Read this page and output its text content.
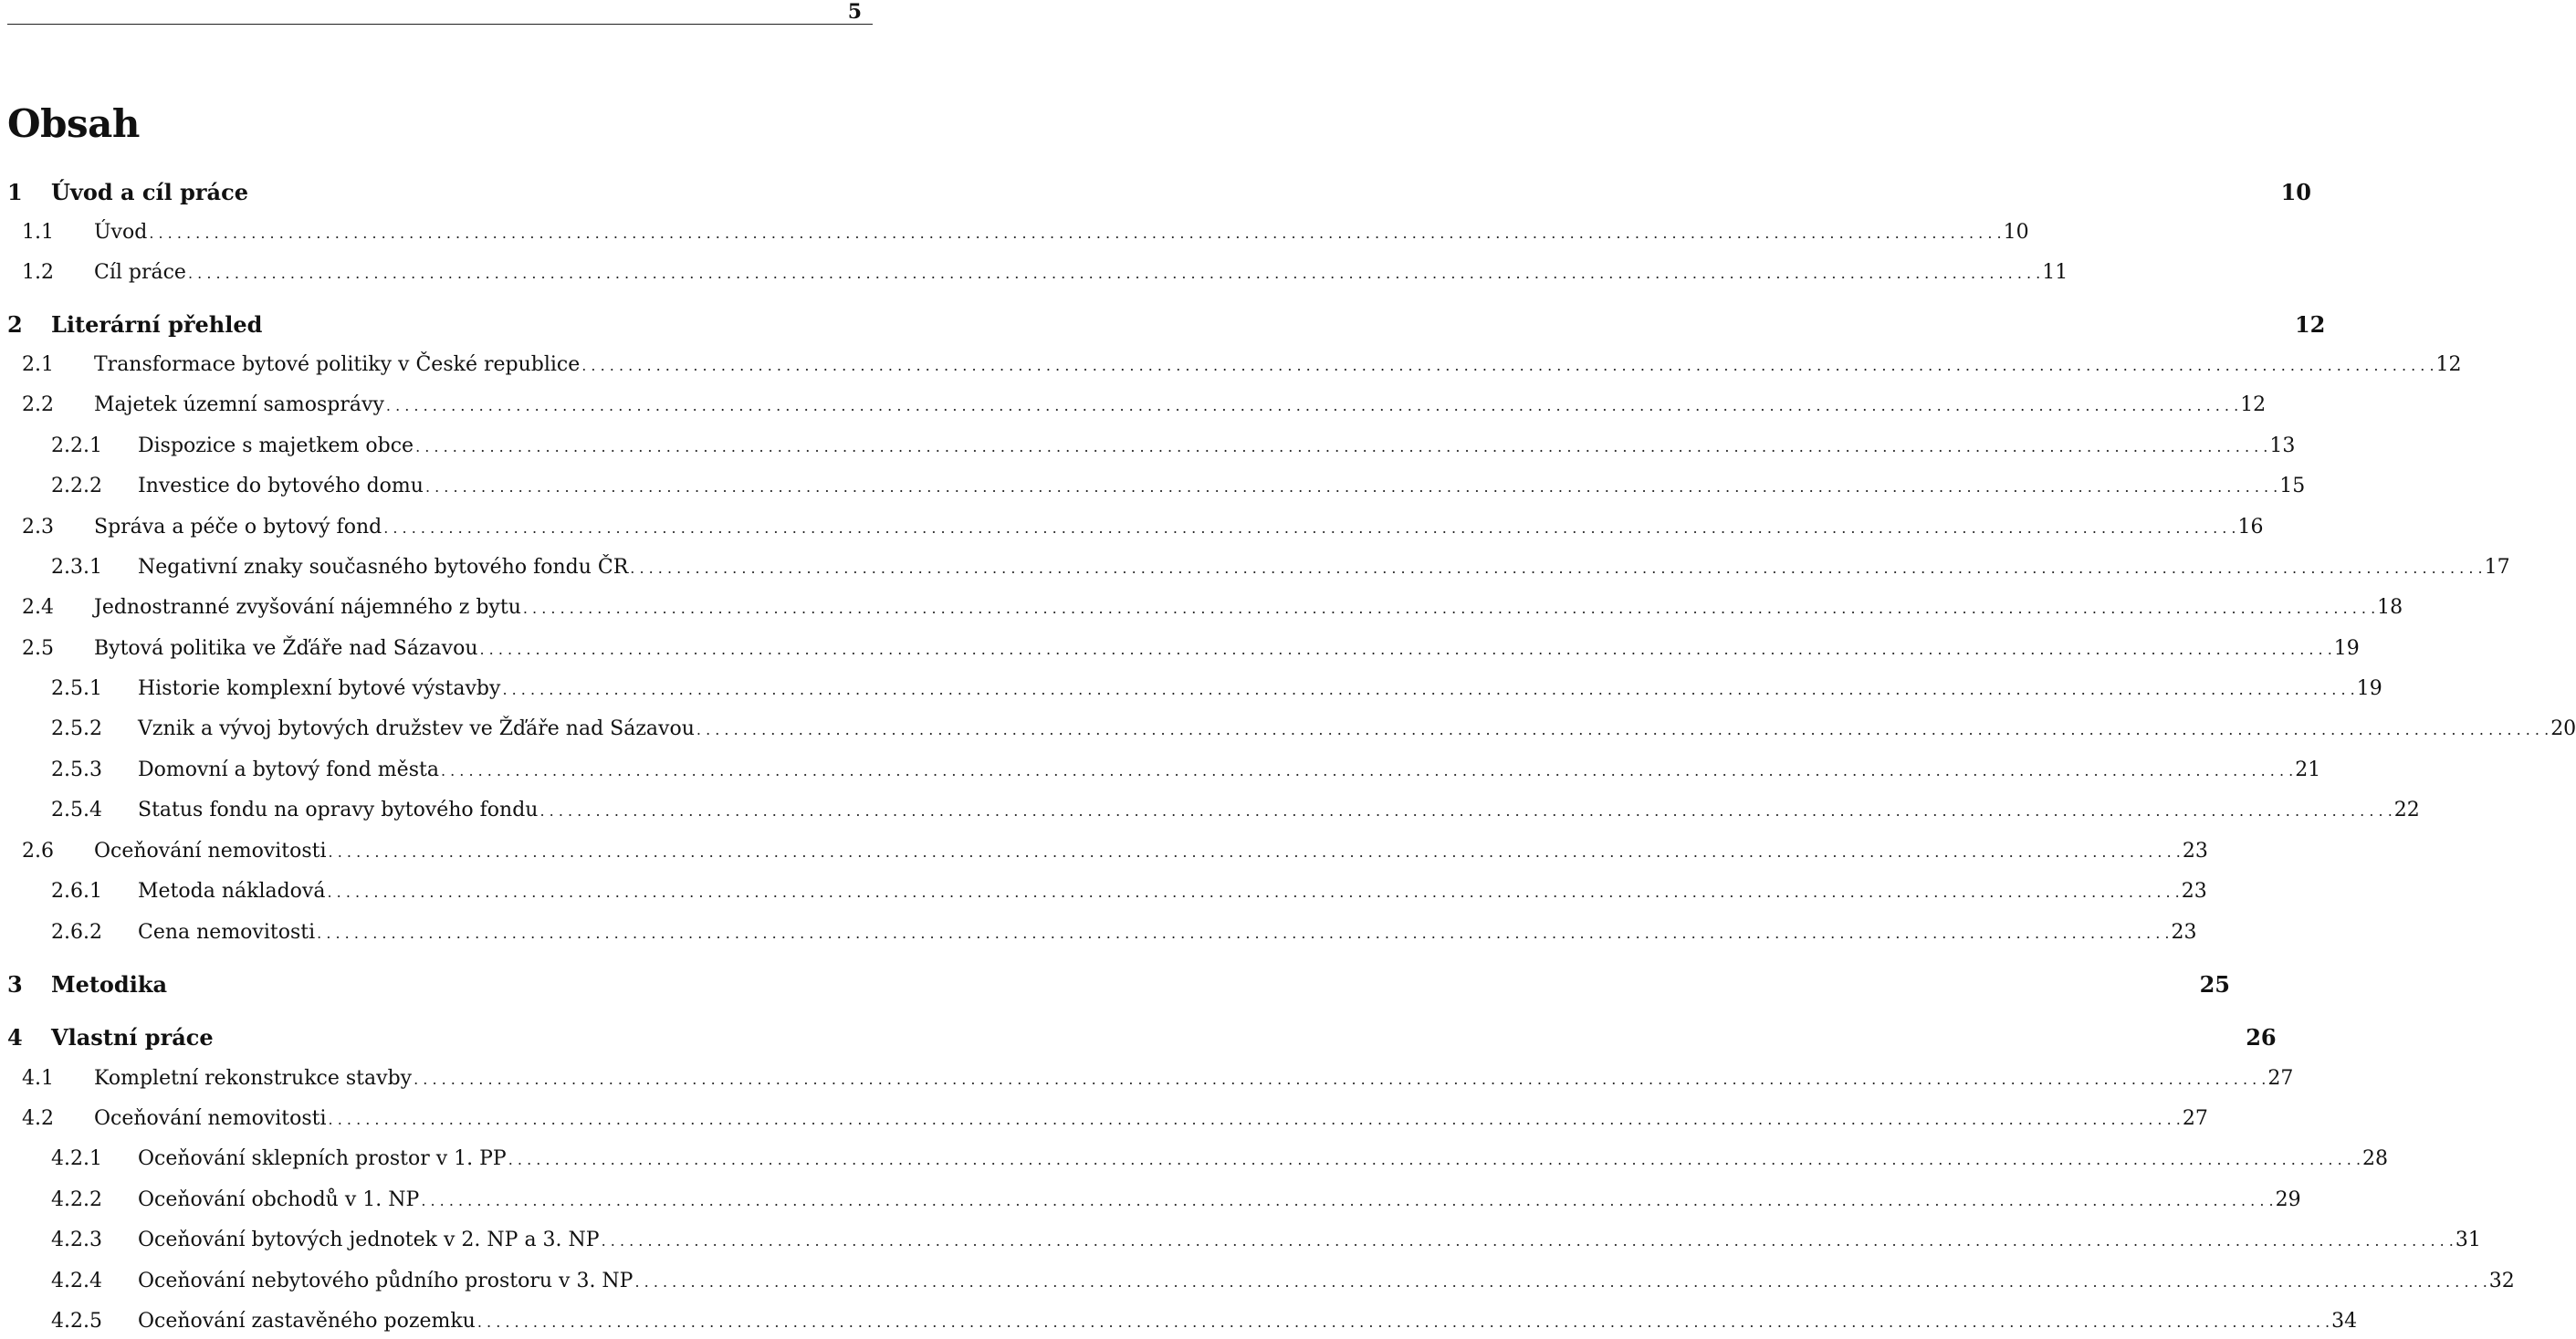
5
Obsah
1 Úvod a cíl práce	10
1.1 Úvod . . . . . . . . . . . . . . . . . . . . . . . . . . . . . . . . . . . . . . . . . . . . . . . . . . . . . . . . . . . . . . . . . . . . . . . . . . . . . . . . . . . . . . . . . . . . . . . . . . . . . . . . . . . . . . . . . . . . . . . . . . . . . . . . . . . . . . . . . . . . . . . . . . . . . . . . . . . . . . . . . . . . . . . . . . . . . . . . . . . . . . . . . . . . . . . . . . . . . . . . 10
1.2 Cíl práce . . . . . . . . . . . . . . . . . . . . . . . . . . . . . . . . . . . . . . . . . . . . . . . . . . . . . . . . . . . . . . . . . . . . . . . . . . . . . . . . . . . . . . . . . . . . . . . . . . . . . . . . . . . . . . . . . . . . . . . . . . . . . . . . . . . . . . . . . . . . . . . . . . . . . . . . . . . . . . . . . . . . . . . . . . . . . . . . . . . . . . . . . . . . . . . . . . . . . . . . 11
2 Literární přehled	12
2.1 Transformace bytové politiky v České republice . . . . . . . . . . . . . . . . . . . . . . . . . . . . . . . . . . . . . . . . . . . . . . . . . . . . . . . . . . . . . . . . . . . . . . . . . . . . . . . . . . . . . . . . . . . . . . . . . . . . . . . . . . . . . . . . . . . . . . . . . . . . . . . . . . . . . . . . . . . . . . . . . . . . . . . . . . . . . . . . . . . . . . . . . . . . . . . . . . . . . . . . . . . . . . . . . . . . . . . . 12
2.2 Majetek územní samosprávy . . . . . . . . . . . . . . . . . . . . . . . . . . . . . . . . . . . . . . . . . . . . . . . . . . . . . . . . . . . . . . . . . . . . . . . . . . . . . . . . . . . . . . . . . . . . . . . . . . . . . . . . . . . . . . . . . . . . . . . . . . . . . . . . . . . . . . . . . . . . . . . . . . . . . . . . . . . . . . . . . . . . . . . . . . . . . . . . . . . . . . . . . . . . . . . . . . . . . . . . 12
2.2.1 Dispozice s majetkem obce . . . . . . . . . . . . . . . . . . . . . . . . . . . . . . . . . . . . . . . . . . . . . . . . . . . . . . . . . . . . . . . . . . . . . . . . . . . . . . . . . . . . . . . . . . . . . . . . . . . . . . . . . . . . . . . . . . . . . . . . . . . . . . . . . . . . . . . . . . . . . . . . . . . . . . . . . . . . . . . . . . . . . . . . . . . . . . . . . . . . . . . . . . . . . . . . . . . . . . . . 13
2.2.2 Investice do bytového domu . . . . . . . . . . . . . . . . . . . . . . . . . . . . . . . . . . . . . . . . . . . . . . . . . . . . . . . . . . . . . . . . . . . . . . . . . . . . . . . . . . . . . . . . . . . . . . . . . . . . . . . . . . . . . . . . . . . . . . . . . . . . . . . . . . . . . . . . . . . . . . . . . . . . . . . . . . . . . . . . . . . . . . . . . . . . . . . . . . . . . . . . . . . . . . . . . . . . . . . . 15
2.3 Správa a péče o bytový fond . . . . . . . . . . . . . . . . . . . . . . . . . . . . . . . . . . . . . . . . . . . . . . . . . . . . . . . . . . . . . . . . . . . . . . . . . . . . . . . . . . . . . . . . . . . . . . . . . . . . . . . . . . . . . . . . . . . . . . . . . . . . . . . . . . . . . . . . . . . . . . . . . . . . . . . . . . . . . . . . . . . . . . . . . . . . . . . . . . . . . . . . . . . . . . . . . . . . . . . . 16
2.3.1 Negativní znaky současného bytového fondu ČR . . . . . . . . . . . . . . . . . . . . . . . . . . . . . . . . . . . . . . . . . . . . . . . . . . . . . . . . . . . . . . . . . . . . . . . . . . . . . . . . . . . . . . . . . . . . . . . . . . . . . . . . . . . . . . . . . . . . . . . . . . . . . . . . . . . . . . . . . . . . . . . . . . . . . . . . . . . . . . . . . . . . . . . . . . . . . . . . . . . . . . . . . . . . . . . . . . . . . . . . 17
2.4 Jednostranné zvyšování nájemného z bytu . . . . . . . . . . . . . . . . . . . . . . . . . . . . . . . . . . . . . . . . . . . . . . . . . . . . . . . . . . . . . . . . . . . . . . . . . . . . . . . . . . . . . . . . . . . . . . . . . . . . . . . . . . . . . . . . . . . . . . . . . . . . . . . . . . . . . . . . . . . . . . . . . . . . . . . . . . . . . . . . . . . . . . . . . . . . . . . . . . . . . . . . . . . . . . . . . . . . . . . . 18
2.5 Bytová politika ve Žďáře nad Sázavou . . . . . . . . . . . . . . . . . . . . . . . . . . . . . . . . . . . . . . . . . . . . . . . . . . . . . . . . . . . . . . . . . . . . . . . . . . . . . . . . . . . . . . . . . . . . . . . . . . . . . . . . . . . . . . . . . . . . . . . . . . . . . . . . . . . . . . . . . . . . . . . . . . . . . . . . . . . . . . . . . . . . . . . . . . . . . . . . . . . . . . . . . . . . . . . . . . . . . . . . 19
2.5.1 Historie komplexní bytové výstavby . . . . . . . . . . . . . . . . . . . . . . . . . . . . . . . . . . . . . . . . . . . . . . . . . . . . . . . . . . . . . . . . . . . . . . . . . . . . . . . . . . . . . . . . . . . . . . . . . . . . . . . . . . . . . . . . . . . . . . . . . . . . . . . . . . . . . . . . . . . . . . . . . . . . . . . . . . . . . . . . . . . . . . . . . . . . . . . . . . . . . . . . . . . . . . . . . . . . . . . . 19
2.5.2 Vznik a vývoj bytových družstev ve Žďáře nad Sázavou . . . . . . . . . . . . . . . . . . . . . . . . . . . . . . . . . . . . . . . . . . . . . . . . . . . . . . . . . . . . . . . . . . . . . . . . . . . . . . . . . . . . . . . . . . . . . . . . . . . . . . . . . . . . . . . . . . . . . . . . . . . . . . . . . . . . . . . . . . . . . . . . . . . . . . . . . . . . . . . . . . . . . . . . . . . . . . . . . . . . . . . . . . . . . . . . . . . . . . . . 20
2.5.3 Domovní a bytový fond města . . . . . . . . . . . . . . . . . . . . . . . . . . . . . . . . . . . . . . . . . . . . . . . . . . . . . . . . . . . . . . . . . . . . . . . . . . . . . . . . . . . . . . . . . . . . . . . . . . . . . . . . . . . . . . . . . . . . . . . . . . . . . . . . . . . . . . . . . . . . . . . . . . . . . . . . . . . . . . . . . . . . . . . . . . . . . . . . . . . . . . . . . . . . . . . . . . . . . . . . 21
2.5.4 Status fondu na opravy bytového fondu . . . . . . . . . . . . . . . . . . . . . . . . . . . . . . . . . . . . . . . . . . . . . . . . . . . . . . . . . . . . . . . . . . . . . . . . . . . . . . . . . . . . . . . . . . . . . . . . . . . . . . . . . . . . . . . . . . . . . . . . . . . . . . . . . . . . . . . . . . . . . . . . . . . . . . . . . . . . . . . . . . . . . . . . . . . . . . . . . . . . . . . . . . . . . . . . . . . . . . . . 22
2.6 Oceňování nemovitosti . . . . . . . . . . . . . . . . . . . . . . . . . . . . . . . . . . . . . . . . . . . . . . . . . . . . . . . . . . . . . . . . . . . . . . . . . . . . . . . . . . . . . . . . . . . . . . . . . . . . . . . . . . . . . . . . . . . . . . . . . . . . . . . . . . . . . . . . . . . . . . . . . . . . . . . . . . . . . . . . . . . . . . . . . . . . . . . . . . . . . . . . . . . . . . . . . . . . . . . . 23
2.6.1 Metoda nákladová . . . . . . . . . . . . . . . . . . . . . . . . . . . . . . . . . . . . . . . . . . . . . . . . . . . . . . . . . . . . . . . . . . . . . . . . . . . . . . . . . . . . . . . . . . . . . . . . . . . . . . . . . . . . . . . . . . . . . . . . . . . . . . . . . . . . . . . . . . . . . . . . . . . . . . . . . . . . . . . . . . . . . . . . . . . . . . . . . . . . . . . . . . . . . . . . . . . . . . . . 23
2.6.2 Cena nemovitosti . . . . . . . . . . . . . . . . . . . . . . . . . . . . . . . . . . . . . . . . . . . . . . . . . . . . . . . . . . . . . . . . . . . . . . . . . . . . . . . . . . . . . . . . . . . . . . . . . . . . . . . . . . . . . . . . . . . . . . . . . . . . . . . . . . . . . . . . . . . . . . . . . . . . . . . . . . . . . . . . . . . . . . . . . . . . . . . . . . . . . . . . . . . . . . . . . . . . . . . . 23
3 Metodika	25
4 Vlastní práce	26
4.1 Kompletní rekonstrukce stavby . . . . . . . . . . . . . . . . . . . . . . . . . . . . . . . . . . . . . . . . . . . . . . . . . . . . . . . . . . . . . . . . . . . . . . . . . . . . . . . . . . . . . . . . . . . . . . . . . . . . . . . . . . . . . . . . . . . . . . . . . . . . . . . . . . . . . . . . . . . . . . . . . . . . . . . . . . . . . . . . . . . . . . . . . . . . . . . . . . . . . . . . . . . . . . . . . . . . . . . . 27
4.2 Oceňování nemovitosti . . . . . . . . . . . . . . . . . . . . . . . . . . . . . . . . . . . . . . . . . . . . . . . . . . . . . . . . . . . . . . . . . . . . . . . . . . . . . . . . . . . . . . . . . . . . . . . . . . . . . . . . . . . . . . . . . . . . . . . . . . . . . . . . . . . . . . . . . . . . . . . . . . . . . . . . . . . . . . . . . . . . . . . . . . . . . . . . . . . . . . . . . . . . . . . . . . . . . . . . 27
4.2.1 Oceňování sklepních prostor v 1. PP . . . . . . . . . . . . . . . . . . . . . . . . . . . . . . . . . . . . . . . . . . . . . . . . . . . . . . . . . . . . . . . . . . . . . . . . . . . . . . . . . . . . . . . . . . . . . . . . . . . . . . . . . . . . . . . . . . . . . . . . . . . . . . . . . . . . . . . . . . . . . . . . . . . . . . . . . . . . . . . . . . . . . . . . . . . . . . . . . . . . . . . . . . . . . . . . . . . . . . . . 28
4.2.2 Oceňování obchodů v 1. NP . . . . . . . . . . . . . . . . . . . . . . . . . . . . . . . . . . . . . . . . . . . . . . . . . . . . . . . . . . . . . . . . . . . . . . . . . . . . . . . . . . . . . . . . . . . . . . . . . . . . . . . . . . . . . . . . . . . . . . . . . . . . . . . . . . . . . . . . . . . . . . . . . . . . . . . . . . . . . . . . . . . . . . . . . . . . . . . . . . . . . . . . . . . . . . . . . . . . . . . . 29
4.2.3 Oceňování bytových jednotek v 2. NP a 3. NP . . . . . . . . . . . . . . . . . . . . . . . . . . . . . . . . . . . . . . . . . . . . . . . . . . . . . . . . . . . . . . . . . . . . . . . . . . . . . . . . . . . . . . . . . . . . . . . . . . . . . . . . . . . . . . . . . . . . . . . . . . . . . . . . . . . . . . . . . . . . . . . . . . . . . . . . . . . . . . . . . . . . . . . . . . . . . . . . . . . . . . . . . . . . . . . . . . . . . . . . 31
4.2.4 Oceňování nebytového půdního prostoru v 3. NP . . . . . . . . . . . . . . . . . . . . . . . . . . . . . . . . . . . . . . . . . . . . . . . . . . . . . . . . . . . . . . . . . . . . . . . . . . . . . . . . . . . . . . . . . . . . . . . . . . . . . . . . . . . . . . . . . . . . . . . . . . . . . . . . . . . . . . . . . . . . . . . . . . . . . . . . . . . . . . . . . . . . . . . . . . . . . . . . . . . . . . . . . . . . . . . . . . . . . . . . 32
4.2.5 Oceňování zastavěného pozemku . . . . . . . . . . . . . . . . . . . . . . . . . . . . . . . . . . . . . . . . . . . . . . . . . . . . . . . . . . . . . . . . . . . . . . . . . . . . . . . . . . . . . . . . . . . . . . . . . . . . . . . . . . . . . . . . . . . . . . . . . . . . . . . . . . . . . . . . . . . . . . . . . . . . . . . . . . . . . . . . . . . . . . . . . . . . . . . . . . . . . . . . . . . . . . . . . . . . . . . . 34
